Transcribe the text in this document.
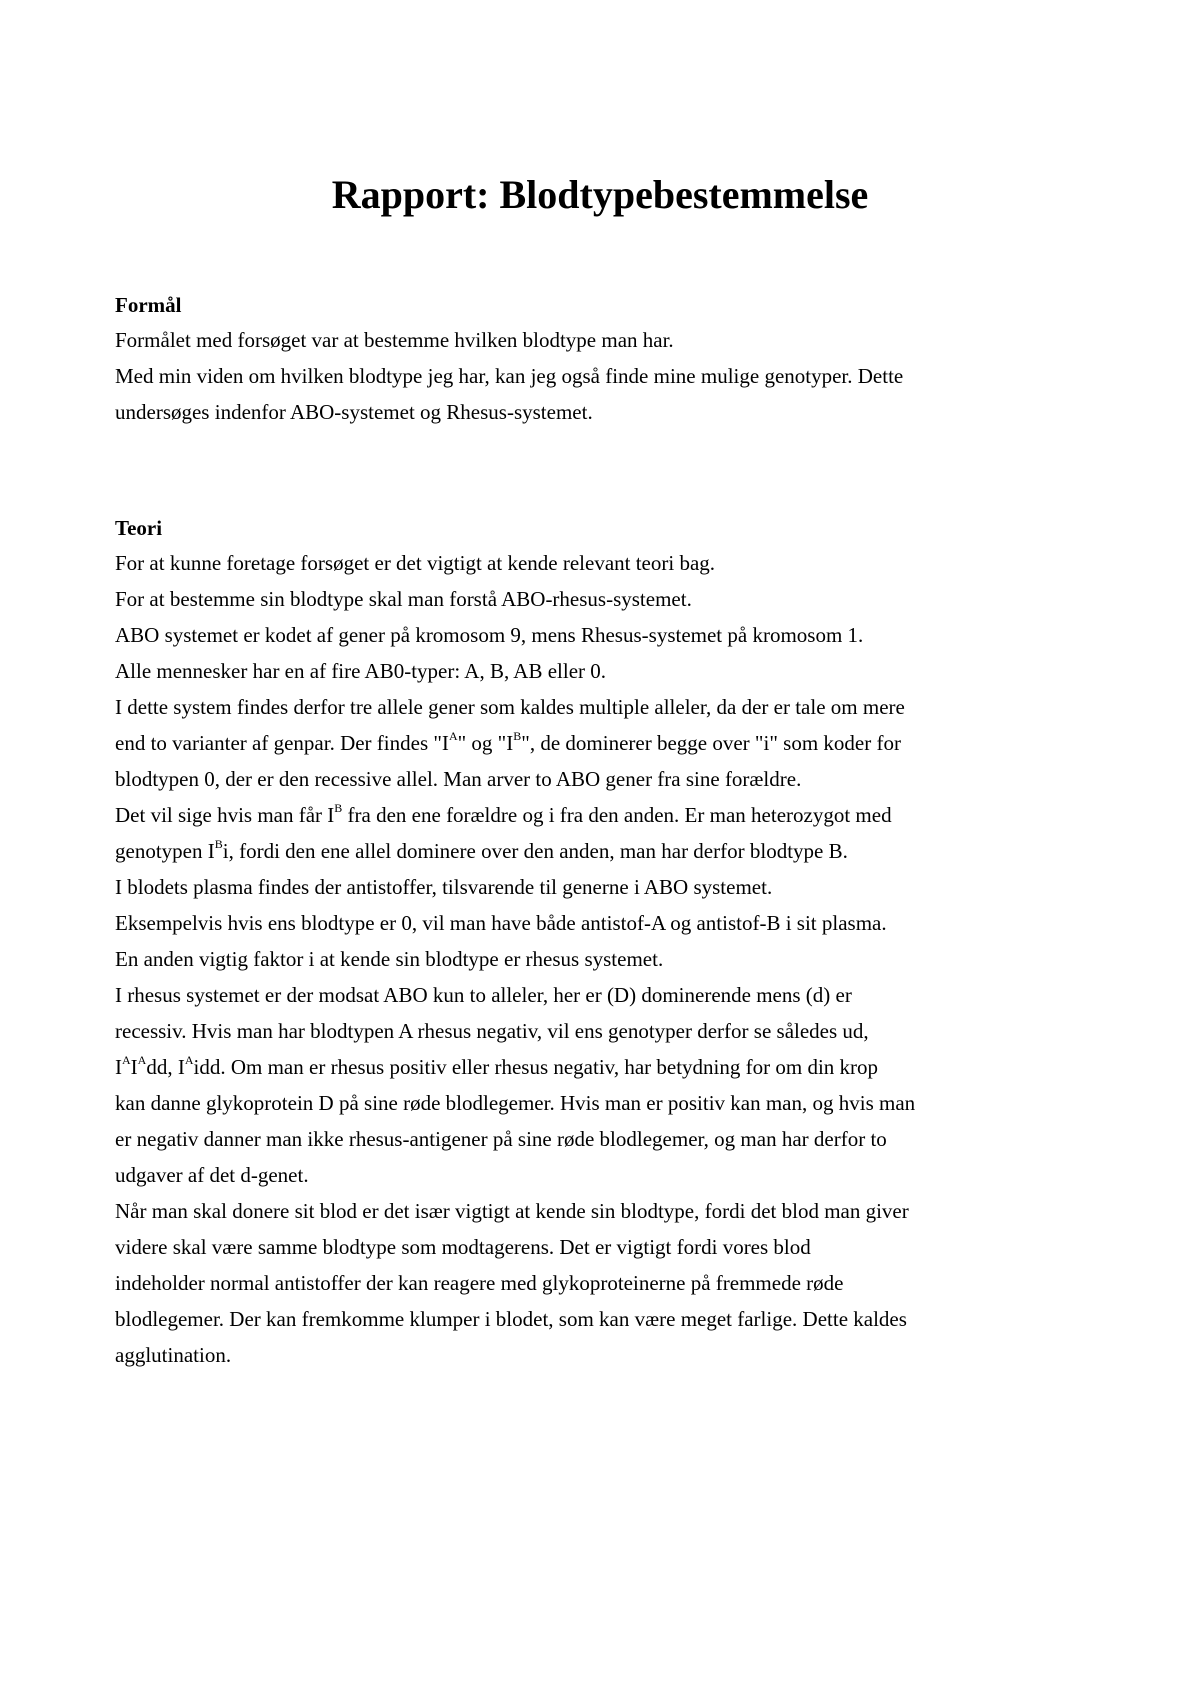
Rapport: Blodtypebestemmelse

Formål

Formålet med forsøget var at bestemme hvilken blodtype man har.

Med min viden om hvilken blodtype jeg har, kan jeg også finde mine mulige genotyper. Dette

undersøges indenfor ABO-systemet og Rhesus-systemet.

Teori

For at kunne foretage forsøget er det vigtigt at kende relevant teori bag.

For at bestemme sin blodtype skal man forstå ABO-rhesus-systemet.

ABO systemet er kodet af gener på kromosom 9, mens Rhesus-systemet på kromosom 1.

Alle mennesker har en af fire AB0-typer: A, B, AB eller 0.

I dette system findes derfor tre allele gener som kaldes multiple alleler, da der er tale om mere

end to varianter af genpar. Der findes "$I^A$" og "$I^B$", de dominerer begge over "i" som koder for

blodtypen 0, der er den recessive allel. Man arver to ABO gener fra sine forældre.

Det vil sige hvis man får $I^B$ fra den ene forældre og i fra den anden. Er man heterozygot med

genotypen $I^Bi$, fordi den ene allel dominere over den anden, man har derfor blodtype B.

I blodets plasma findes der antistoffer, tilsvarende til generne i ABO systemet.

Eksempelvis hvis ens blodtype er 0, vil man have både antistof-A og antistof-B i sit plasma.

En anden vigtig faktor i at kende sin blodtype er rhesus systemet.

I rhesus systemet er der modsat ABO kun to alleler, her er (D) dominerende mens (d) er

recessiv. Hvis man har blodtypen A rhesus negativ, vil ens genotyper derfor se således ud,

$I^AI^Add$, $I^Aidd$. Om man er rhesus positiv eller rhesus negativ, har betydning for om din krop

kan danne glykoprotein D på sine røde blodlegemer. Hvis man er positiv kan man, og hvis man

er negativ danner man ikke rhesus-antigener på sine røde blodlegemer, og man har derfor to

udgaver af det d-genet.

Når man skal donere sit blod er det især vigtigt at kende sin blodtype, fordi det blod man giver

videre skal være samme blodtype som modtagerens. Det er vigtigt fordi vores blod

indeholder normal antistoffer der kan reagere med glykoproteinerne på fremmede røde

blodlegemer. Der kan fremkomme klumper i blodet, som kan være meget farlige. Dette kaldes

agglutination.
